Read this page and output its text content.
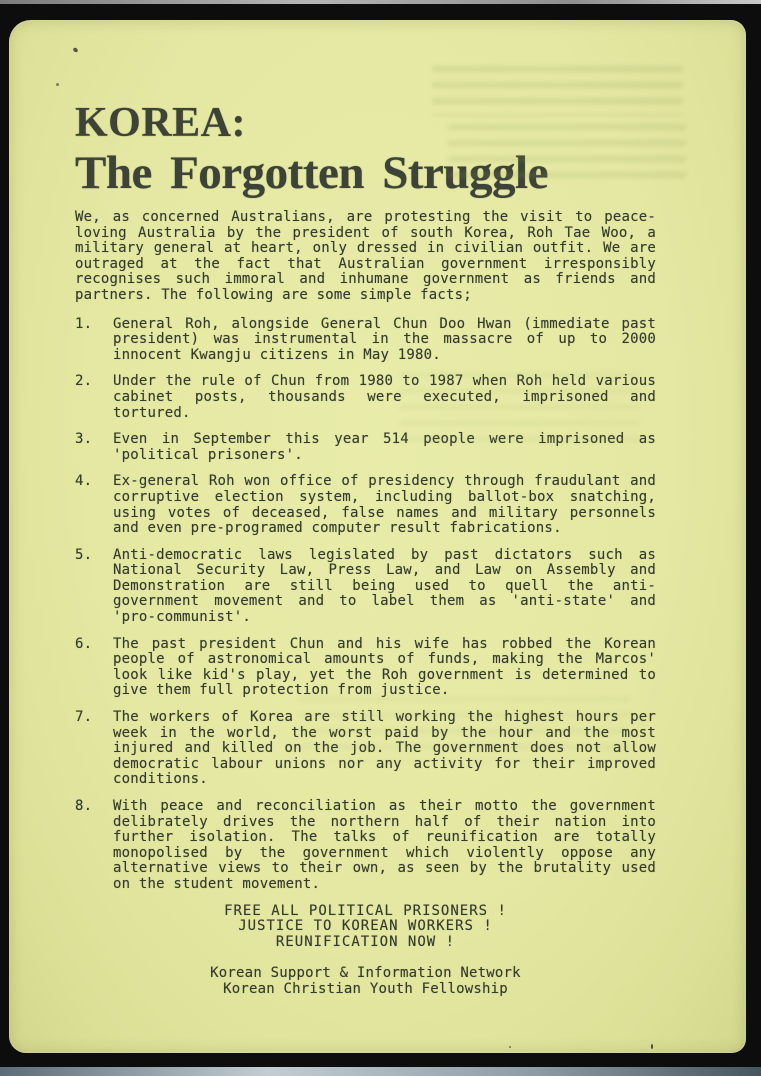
KOREA:
The Forgotten Struggle

We, as concerned Australians, are protesting the visit to peace-loving Australia by the president of south Korea, Roh Tae Woo, a military general at heart, only dressed in civilian outfit. We are outraged at the fact that Australian government irresponsibly recognises such immoral and inhumane government as friends and partners. The following are some simple facts;

1.	General Roh, alongside General Chun Doo Hwan (immediate past president) was instrumental in the massacre of up to 2000 innocent Kwangju citizens in May 1980.

2.	Under the rule of Chun from 1980 to 1987 when Roh held various cabinet posts, thousands were executed, imprisoned and tortured.

3.	Even in September this year 514 people were imprisoned as 'political prisoners'.

4.	Ex-general Roh won office of presidency through fraudulant and corruptive election system, including ballot-box snatching, using votes of deceased, false names and military personnels and even pre-programed computer result fabrications.

5.	Anti-democratic laws legislated by past dictators such as National Security Law, Press Law, and Law on Assembly and Demonstration are still being used to quell the anti-government movement and to label them as 'anti-state' and 'pro-communist'.

6.	The past president Chun and his wife has robbed the Korean people of astronomical amounts of funds, making the Marcos' look like kid's play, yet the Roh government is determined to give them full protection from justice.

7.	The workers of Korea are still working the highest hours per week in the world, the worst paid by the hour and the most injured and killed on the job. The government does not allow democratic labour unions nor any activity for their improved conditions.

8.	With peace and reconciliation as their motto the government delibrately drives the northern half of their nation into further isolation. The talks of reunification are totally monopolised by the government which violently oppose any alternative views to their own, as seen by the brutality used on the student movement.

FREE ALL POLITICAL PRISONERS !
JUSTICE TO KOREAN WORKERS !
REUNIFICATION NOW !
Korean Support & Information Network
Korean Christian Youth Fellowship
